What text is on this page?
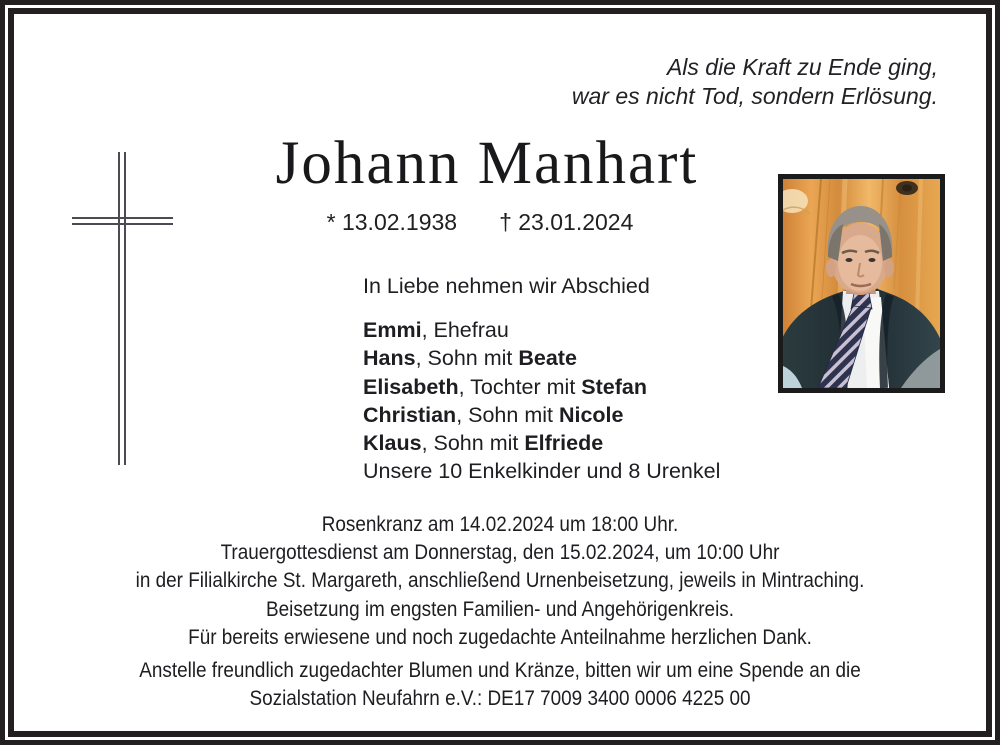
Als die Kraft zu Ende ging,
war es nicht Tod, sondern Erlösung.
Johann Manhart
* 13.02.1938 † 23.01.2024
In Liebe nehmen wir Abschied
Emmi, Ehefrau
Hans, Sohn mit Beate
Elisabeth, Tochter mit Stefan
Christian, Sohn mit Nicole
Klaus, Sohn mit Elfriede
Unsere 10 Enkelkinder und 8 Urenkel
Rosenkranz am 14.02.2024 um 18:00 Uhr.
Trauergottesdienst am Donnerstag, den 15.02.2024, um 10:00 Uhr
in der Filialkirche St. Margareth, anschließend Urnenbeisetzung, jeweils in Mintraching.
Beisetzung im engsten Familien- und Angehörigenkreis.
Für bereits erwiesene und noch zugedachte Anteilnahme herzlichen Dank.
Anstelle freundlich zugedachter Blumen und Kränze, bitten wir um eine Spende an die
Sozialstation Neufahrn e.V.: DE17 7009 3400 0006 4225 00
